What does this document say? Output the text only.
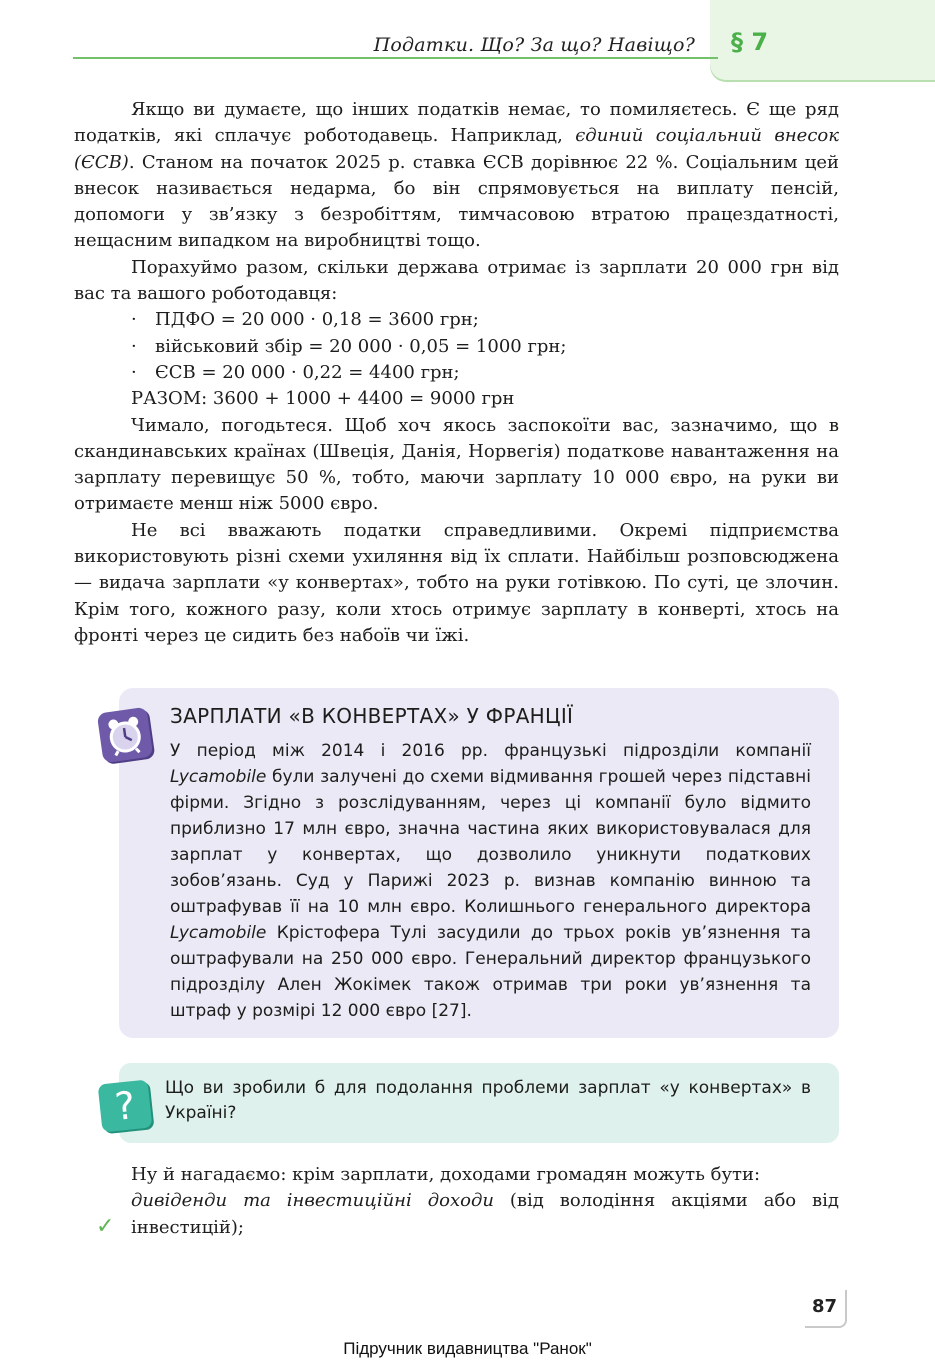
Податки. Що? За що? Навіщо? § 7

Якщо ви думаєте, що інших податків немає, то помиляєтесь. Є ще ряд податків, які сплачує роботодавець. Наприклад, єдиний соціальний внесок (ЄСВ). Станом на початок 2025 р. ставка ЄСВ дорівнює 22 %. Соціальним цей внесок називається недарма, бо він спрямовується на виплату пенсій, допомоги у зв’язку з безробіттям, тимчасовою втратою працездатності, нещасним випадком на виробництві тощо.

Порахуймо разом, скільки держава отримає із зарплати 20 000 грн від вас та вашого роботодавця:

· ПДФО = 20 000 · 0,18 = 3600 грн;

· військовий збір = 20 000 · 0,05 = 1000 грн;

· ЄСВ = 20 000 · 0,22 = 4400 грн;

РАЗОМ: 3600 + 1000 + 4400 = 9000 грн

Чимало, погодьтеся. Щоб хоч якось заспокоїти вас, зазначимо, що в скандинавських країнах (Швеція, Данія, Норвегія) податкове навантаження на зарплату перевищує 50 %, тобто, маючи зарплату 10 000 євро, на руки ви отримаєте менш ніж 5000 євро.

Не всі вважають податки справедливими. Окремі підприємства використовують різні схеми ухиляння від їх сплати. Найбільш розповсюджена — видача зарплати «у конвертах», тобто на руки готівкою. По суті, це злочин. Крім того, кожного разу, коли хтось отримує зарплату в конверті, хтось на фронті через це сидить без набоїв чи їжі.

ЗАРПЛАТИ «В КОНВЕРТАХ» У ФРАНЦІЇ

У період між 2014 і 2016 рр. французькі підрозділи компанії Lycamobile були залучені до схеми відмивання грошей через підставні фірми. Згідно з розслідуванням, через ці компанії було відмито приблизно 17 млн євро, значна частина яких використовувалася для зарплат у конвертах, що дозволило уникнути податкових зобов’язань. Суд у Парижі 2023 р. визнав компанію винною та оштрафував її на 10 млн євро. Колишнього генерального директора Lycamobile Крістофера Тулі засудили до трьох років ув’язнення та оштрафували на 250 000 євро. Генеральний директор французького підрозділу Ален Жокімек також отримав три роки ув’язнення та штраф у розмірі 12 000 євро [27].

?	Що ви зробили б для подолання проблеми зарплат «у конвертах» в Україні?

Ну й нагадаємо: крім зарплати, доходами громадян можуть бути:

дивіденди та інвестиційні доходи (від володіння акціями або від інвестицій);

✓
87
Підручник видавництва "Ранок"
